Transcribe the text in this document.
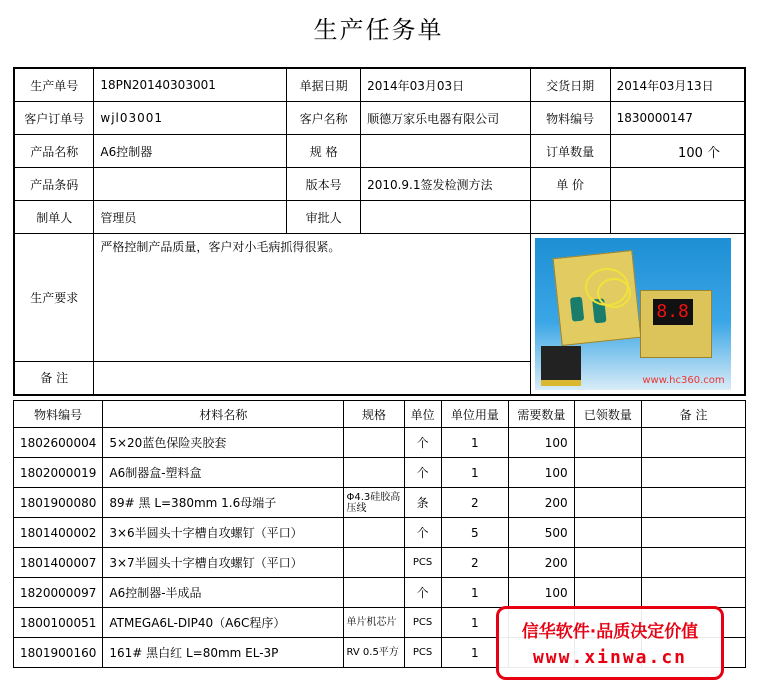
生产任务单
生产单号	18PN20140303001	单据日期	2014年03月03日	交货日期	2014年03月13日
客户订单号	wjl03001	客户名称	顺德万家乐电器有限公司	物料编号	1830000147
产品名称	A6控制器	规 格		订单数量	100 个
产品条码		版本号	2010.9.1签发检测方法	单 价	
制单人	管理员	审批人			
生产要求	严格控制产品质量，客户对小毛病抓得很紧。			8.8
www.hc360.com	

备 注					
物料编号	材料名称	规格	单位	单位用量	需要数量	已领数量	备 注
1802600004	5×20蓝色保险夹胶套		个	1	100		
1802000019	A6制器盒-塑料盒		个	1	100		
1801900080	89# 黑 L=380mm 1.6母端子	Φ4.3硅胶高压线	条	2	200		
1801400002	3×6半圆头十字槽自攻螺钉（平口）		个	5	500		
1801400007	3×7半圆头十字槽自攻螺钉（平口）		PCS	2	200		
1820000097	A6控制器-半成品		个	1	100		
1800100051	ATMEGA6L-DIP40（A6C程序）	单片机芯片	PCS	1			
1801900160	161# 黑白红 L=80mm EL-3P	RV 0.5平方	PCS	1			
信华软件·品质决定价值
www.xinwa.cn
